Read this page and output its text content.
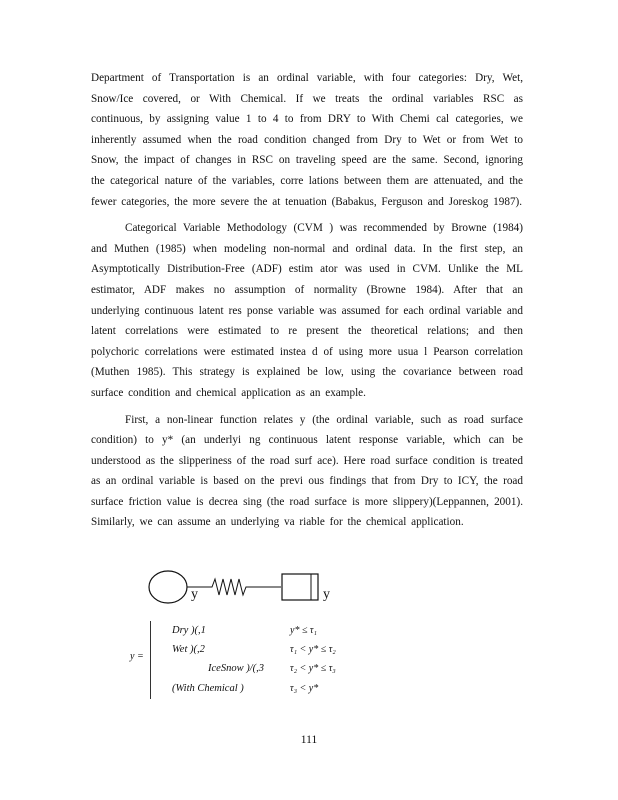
Department of Transportation is an ordinal variable, with four categories: Dry, Wet, Snow/Ice covered, or With Chemical. If we treats the ordinal variables RSC as continuous, by assigning value 1 to 4 to from DRY to With Chemi cal categories, we inherently assumed when the road condition changed from Dry to Wet or from Wet to Snow, the impact of changes in RSC on traveling speed are the same. Second, ignoring the categorical nature of the variables, corre lations between them are attenuated, and the fewer categories, the more severe the at tenuation (Babakus, Ferguson and Joreskog 1987).

Categorical Variable Methodology (CVM ) was recommended by Browne (1984) and Muthen (1985) when modeling non-normal and ordinal data. In the first step, an Asymptotically Distribution-Free (ADF) estim ator was used in CVM. Unlike the ML estimator, ADF makes no assumption of normality (Browne 1984). After that an underlying continuous latent res ponse variable was assumed for each ordinal variable and latent correlations were estimated to re present the theoretical relations; and then polychoric correlations were estimated instea d of using more usua l Pearson correlation (Muthen 1985). This strategy is explained be low, using the covariance between road surface condition and chemical application as an example.

First, a non-linear function relates y (the ordinal variable, such as road surface condition) to y* (an underlyi ng continuous latent response variable, which can be understood as the slipperiness of the road surf ace). Here road surface condition is treated as an ordinal variable is based on the previ ous findings that from Dry to ICY, the road surface friction value is decrea sing (the road surface is more slippery)(Leppannen, 2001). Similarly, we can assume an underlying va riable for the chemical application.

y	y
y =
Dry )(,1	y* ≤ τ₁
Wet )(,2	τ₁ < y* ≤ τ₂
IceSnow )/(,3	τ₂ < y* ≤ τ₃
(With Chemical )	τ₃ < y*
111
